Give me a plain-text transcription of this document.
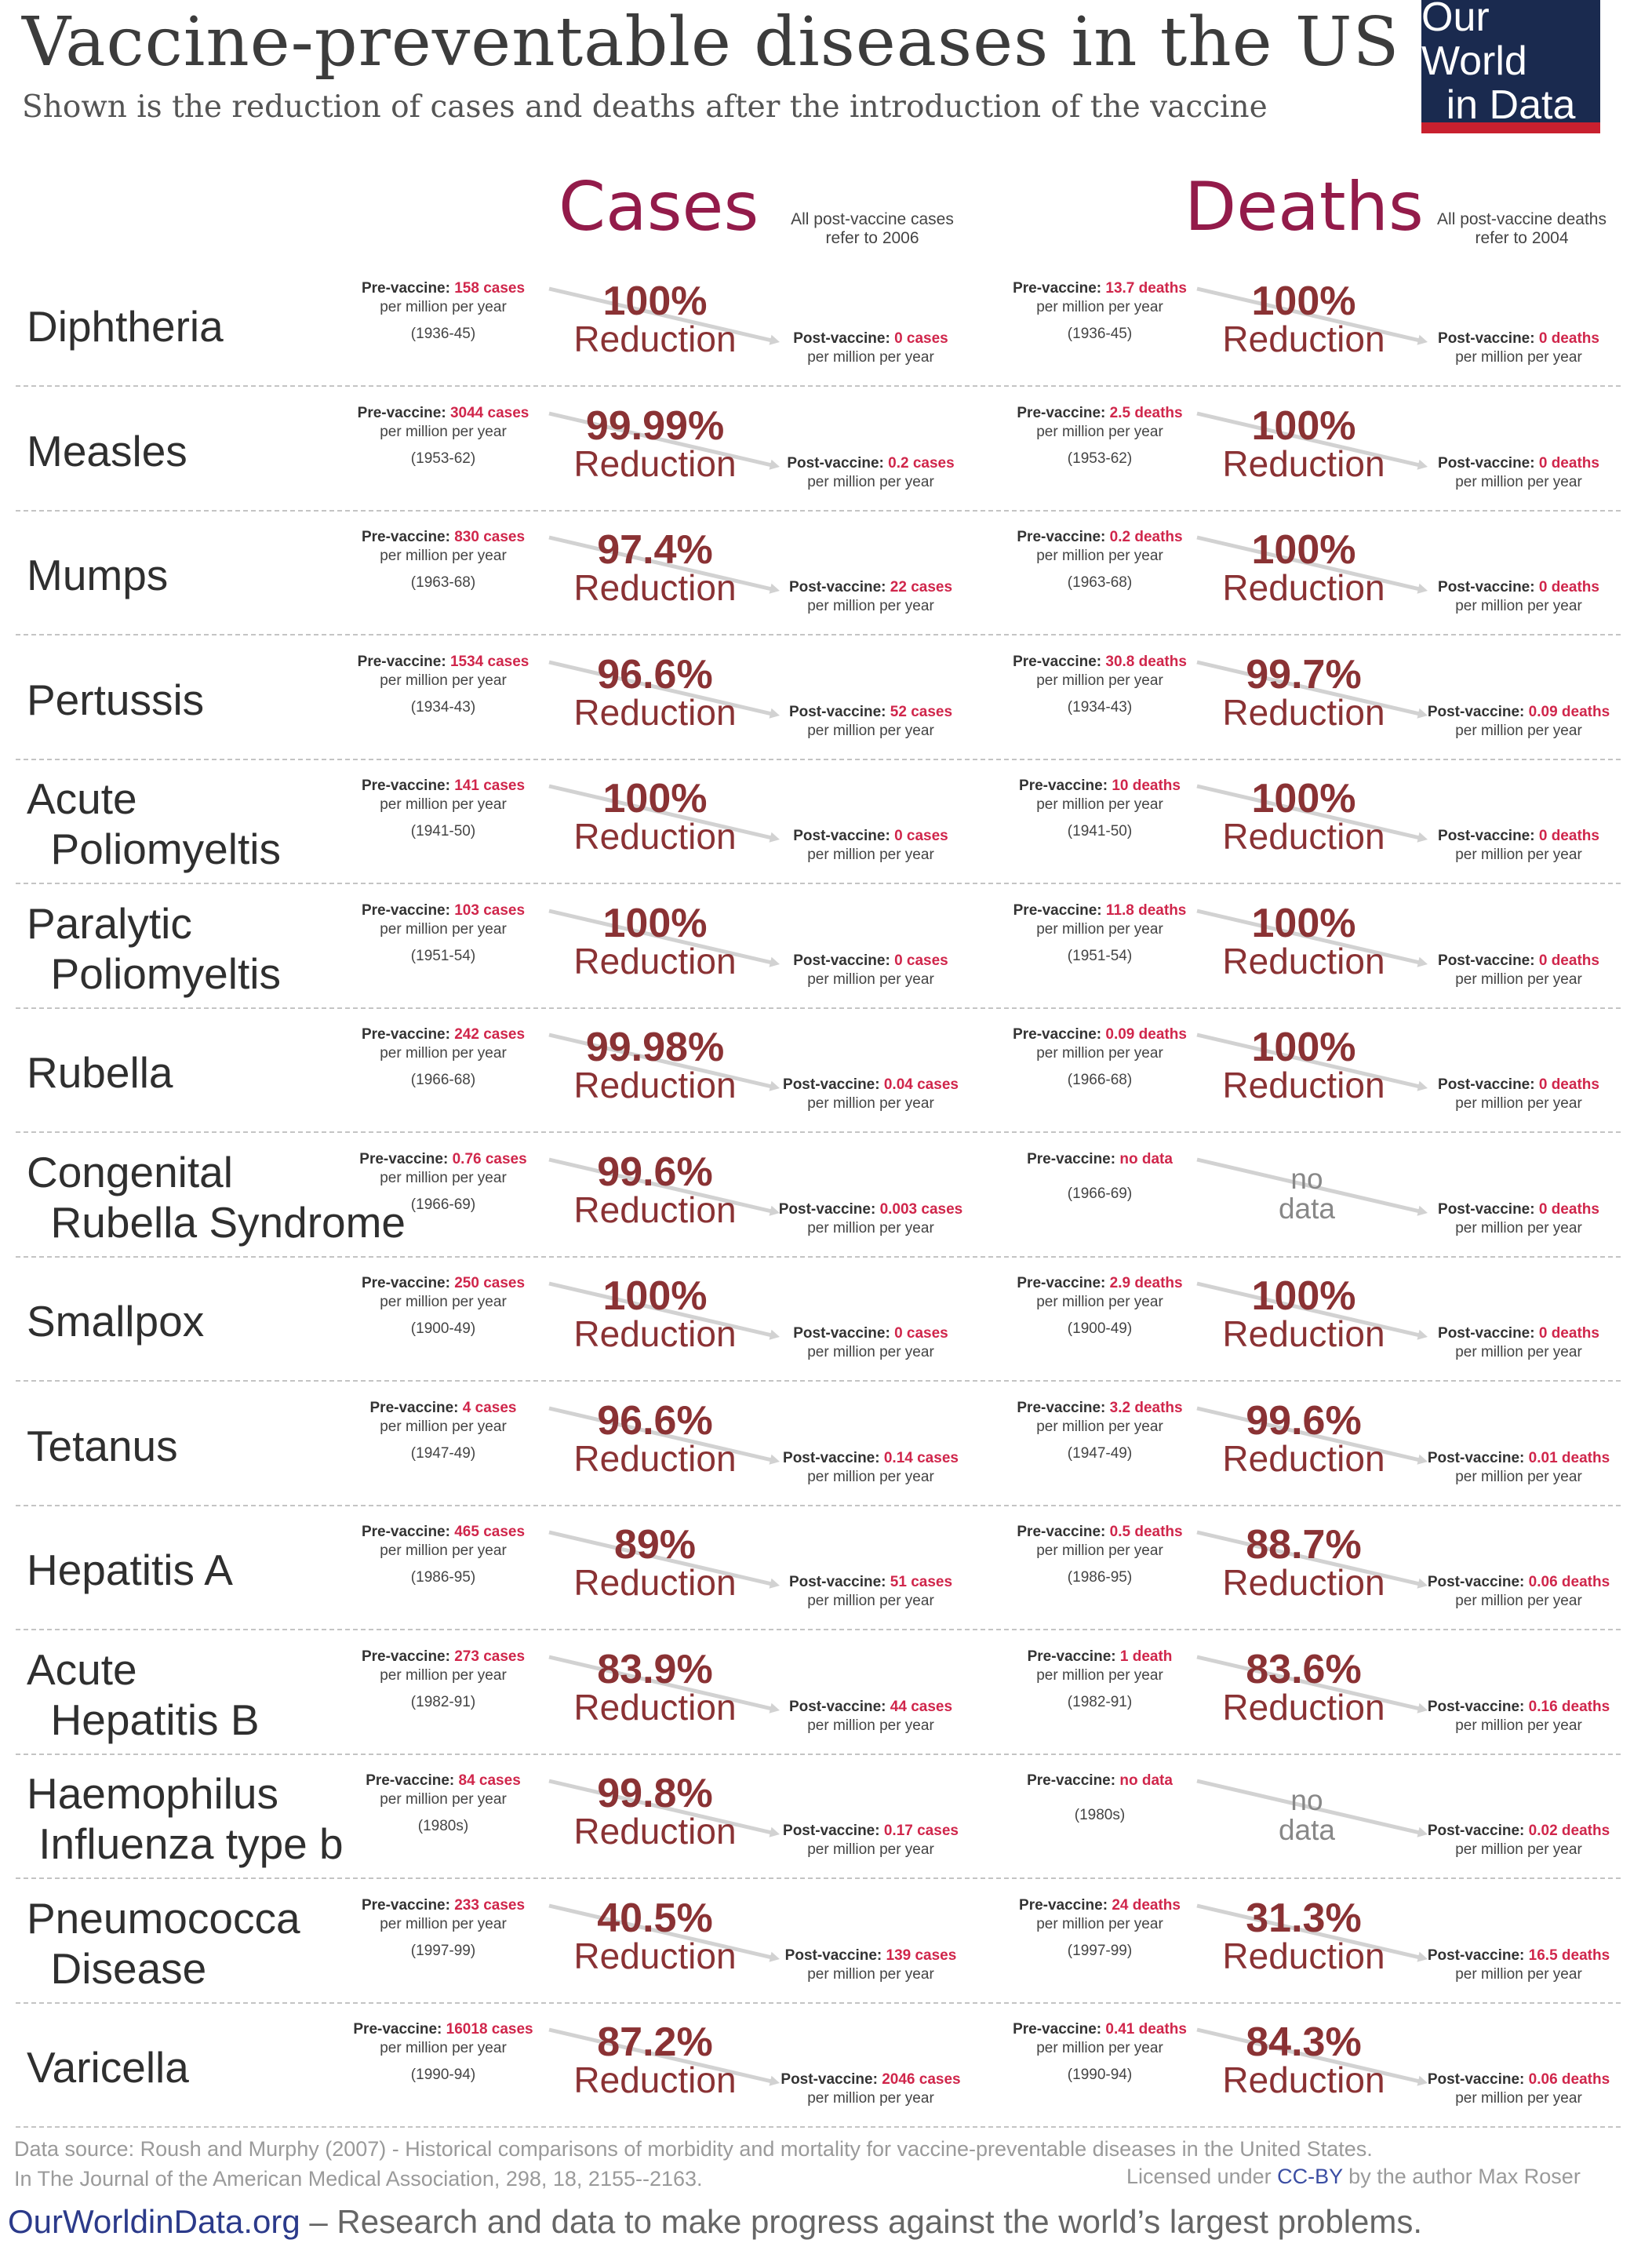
Vaccine-preventable diseases in the US
Shown is the reduction of cases and deaths after the introduction of the vaccine
Our World
in Data
Cases	All post-vaccine cases
refer to 2006	Deaths All post-vaccine deaths
refer to 2004
Diphtheria
Pre-vaccine: 158 cases
per million per year
(1936-45)
100%
Reduction	Post-vaccine: 0 cases
per million per year
Pre-vaccine: 13.7 deaths
per million per year
(1936-45)
100%
Reduction	Post-vaccine: 0 deaths
per million per year
Measles
Pre-vaccine: 3044 cases
per million per year
(1953-62)
99.99%
Reduction	Post-vaccine: 0.2 cases
per million per year
Pre-vaccine: 2.5 deaths
per million per year
(1953-62)
100%
Reduction	Post-vaccine: 0 deaths
per million per year
Mumps
Pre-vaccine: 830 cases
per million per year
(1963-68)
97.4%
Reduction	Post-vaccine: 22 cases
per million per year
Pre-vaccine: 0.2 deaths
per million per year
(1963-68)
100%
Reduction	Post-vaccine: 0 deaths
per million per year
Pertussis
Pre-vaccine: 1534 cases
per million per year
(1934-43)
96.6%
Reduction	Post-vaccine: 52 cases
per million per year
Pre-vaccine: 30.8 deaths
per million per year
(1934-43)
99.7%
Reduction	Post-vaccine: 0.09 deaths
per million per year
Acute
Poliomyeltis
Pre-vaccine: 141 cases
per million per year
(1941-50)
100%
Reduction	Post-vaccine: 0 cases
per million per year
Pre-vaccine: 10 deaths
per million per year
(1941-50)
100%
Reduction	Post-vaccine: 0 deaths
per million per year
Paralytic
Poliomyeltis
Pre-vaccine: 103 cases
per million per year
(1951-54)
100%
Reduction	Post-vaccine: 0 cases
per million per year
Pre-vaccine: 11.8 deaths
per million per year
(1951-54)
100%
Reduction	Post-vaccine: 0 deaths
per million per year
Rubella
Pre-vaccine: 242 cases
per million per year
(1966-68)
99.98%
Reduction	Post-vaccine: 0.04 cases
per million per year
Pre-vaccine: 0.09 deaths
per million per year
(1966-68)
100%
Reduction	Post-vaccine: 0 deaths
per million per year
Congenital
Rubella Syndrome
Pre-vaccine: 0.76 cases
per million per year
(1966-69)
99.6%
Reduction	Post-vaccine: 0.003 cases
per million per year
Pre-vaccine: no data
(1966-69)	no
data	Post-vaccine: 0 deaths
per million per year
Smallpox
Pre-vaccine: 250 cases
per million per year
(1900-49)
100%
Reduction	Post-vaccine: 0 cases
per million per year
Pre-vaccine: 2.9 deaths
per million per year
(1900-49)
100%
Reduction	Post-vaccine: 0 deaths
per million per year
Tetanus
Pre-vaccine: 4 cases
per million per year
(1947-49)
96.6%
Reduction	Post-vaccine: 0.14 cases
per million per year
Pre-vaccine: 3.2 deaths
per million per year
(1947-49)
99.6%
Reduction	Post-vaccine: 0.01 deaths
per million per year
Hepatitis A
Pre-vaccine: 465 cases
per million per year
(1986-95)
89%
Reduction	Post-vaccine: 51 cases
per million per year
Pre-vaccine: 0.5 deaths
per million per year
(1986-95)
88.7%
Reduction	Post-vaccine: 0.06 deaths
per million per year
Acute
Hepatitis B
Pre-vaccine: 273 cases
per million per year
(1982-91)
83.9%
Reduction	Post-vaccine: 44 cases
per million per year
Pre-vaccine: 1 death
per million per year
(1982-91)
83.6%
Reduction	Post-vaccine: 0.16 deaths
per million per year
Haemophilus
Influenza type b
Pre-vaccine: 84 cases
per million per year
(1980s)
99.8%
Reduction	Post-vaccine: 0.17 cases
per million per year
Pre-vaccine: no data
(1980s)	no
data	Post-vaccine: 0.02 deaths
per million per year
Pneumococca
Disease
Pre-vaccine: 233 cases
per million per year
(1997-99)
40.5%
Reduction	Post-vaccine: 139 cases
per million per year
Pre-vaccine: 24 deaths
per million per year
(1997-99)
31.3%
Reduction	Post-vaccine: 16.5 deaths
per million per year
Varicella
Pre-vaccine: 16018 cases
per million per year
(1990-94)
87.2%
Reduction	Post-vaccine: 2046 cases
per million per year
Pre-vaccine: 0.41 deaths
per million per year
(1990-94)
84.3%
Reduction	Post-vaccine: 0.06 deaths
per million per year
Data source: Roush and Murphy (2007) - Historical comparisons of morbidity and mortality for vaccine-preventable diseases in the United States.
In The Journal of the American Medical Association, 298, 18, 2155--2163.	Licensed under CC-BY by the author Max Roser
OurWorldinData.org – Research and data to make progress against the world’s largest problems.
